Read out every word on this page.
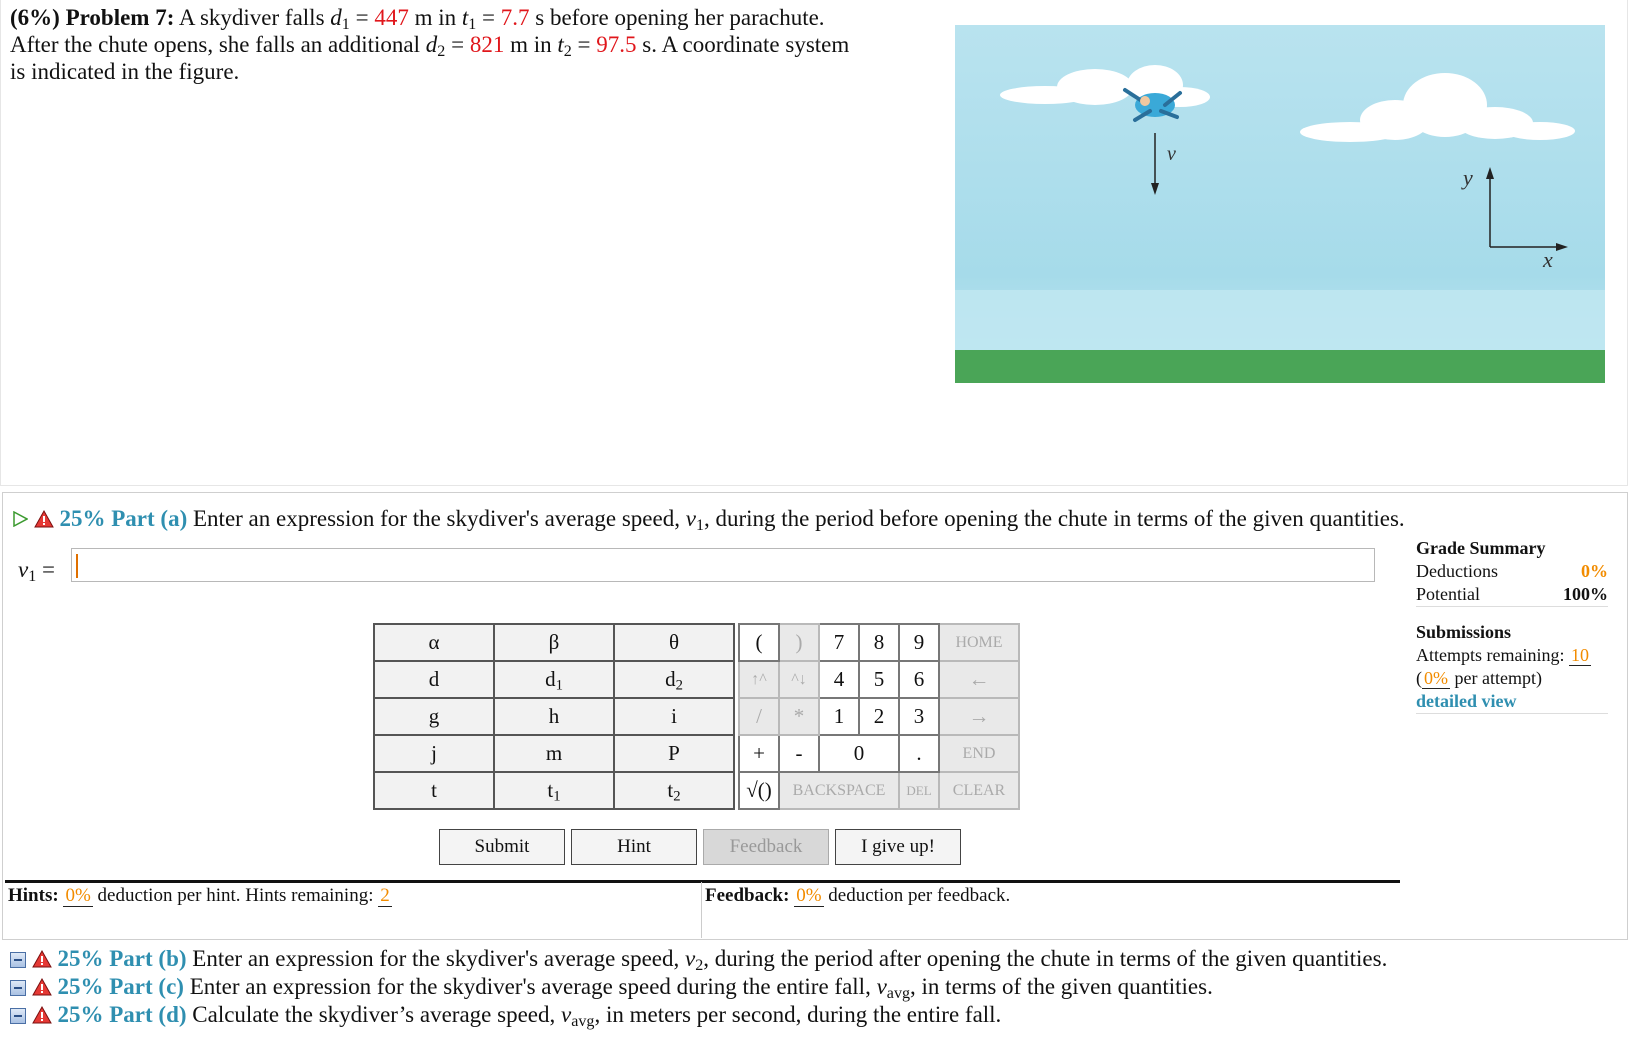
(6%) Problem 7: A skydiver falls $d_1 = 447$ m in $t_1 = 7.7$ s before opening her parachute.
After the chute opens, she falls an additional $d_2 = 821$ m in $t_2 = 97.5$ s. A coordinate system
is indicated in the figure.
v
y
x
25% Part (a) Enter an expression for the skydiver's average speed, $v_1$, during the period before opening the chute in terms of the given quantities.
$v_1$ =
α	β	θ
d	$d_1$	$d_2$
g	h	i
j	m	P
t	$t_1$	$t_2$
(	)	7	8	9	HOME
↑^	^↓	4	5	6	←
/	*	1	2	3	→
+	-	0		.	END
√()	BACKSPACE			DEL	CLEAR
Submit	Hint	Feedback	I give up!
Hints: 0% deduction per hint. Hints remaining: 2	Feedback: 0% deduction per feedback.
Grade Summary
Deductions	0%
Potential	100%
Submissions
Attempts remaining: 10
( 0% per attempt)
detailed view
25% Part (b) Enter an expression for the skydiver's average speed, $v_2$, during the period after opening the chute in terms of the given quantities.
25% Part (c) Enter an expression for the skydiver's average speed during the entire fall, $v_{avg}$, in terms of the given quantities.
25% Part (d) Calculate the skydiver’s average speed, $v_{avg}$, in meters per second, during the entire fall.
